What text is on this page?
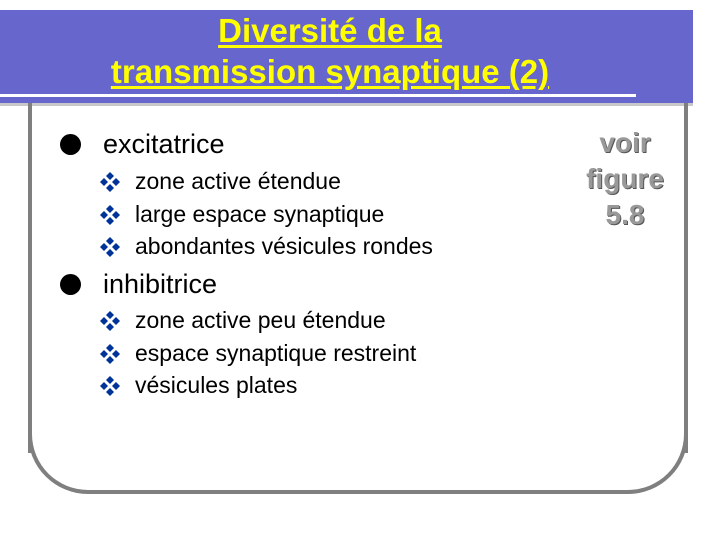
Diversité de la
transmission synaptique (2)
excitatrice
zone active étendue
large espace synaptique
abondantes vésicules rondes
inhibitrice
zone active peu étendue
espace synaptique restreint
vésicules plates
voir
figure
5.8
